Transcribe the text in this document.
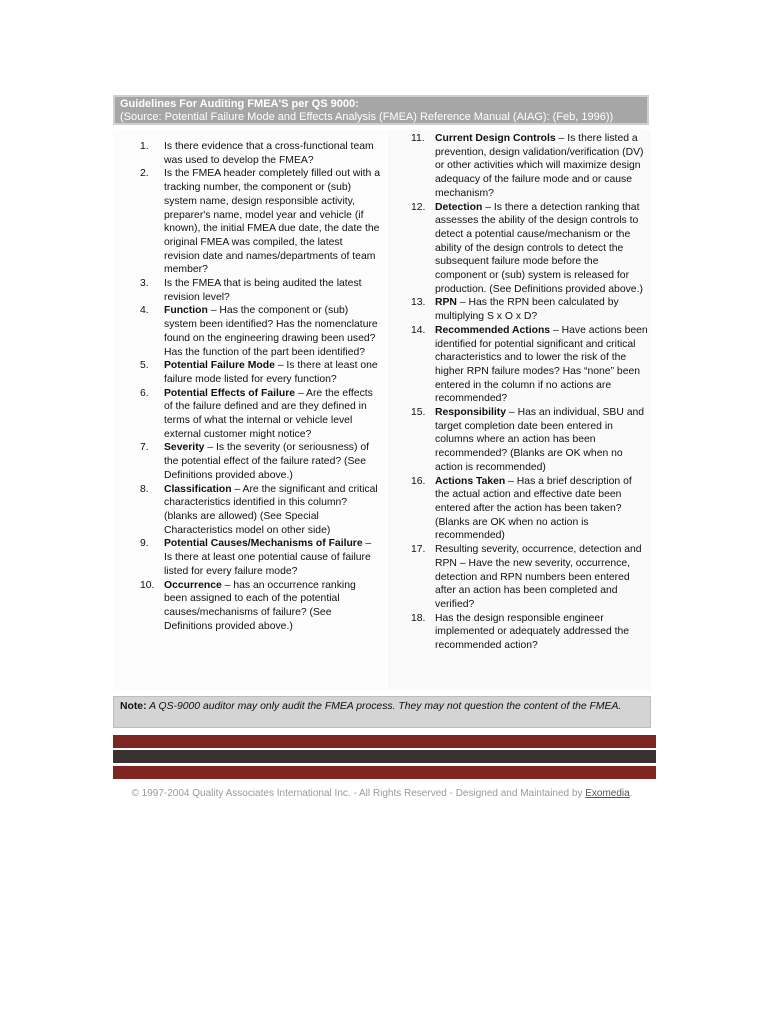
Guidelines For Auditing FMEA'S per QS 9000:
(Source: Potential Failure Mode and Effects Analysis (FMEA) Reference Manual (AIAG): (Feb, 1996))
1. Is there evidence that a cross-functional team was used to develop the FMEA?
2. Is the FMEA header completely filled out with a tracking number, the component or (sub) system name, design responsible activity, preparer's name, model year and vehicle (if known), the initial FMEA due date, the date the original FMEA was compiled, the latest revision date and names/departments of team member?
3. Is the FMEA that is being audited the latest revision level?
4. Function – Has the component or (sub) system been identified? Has the nomenclature found on the engineering drawing been used? Has the function of the part been identified?
5. Potential Failure Mode – Is there at least one failure mode listed for every function?
6. Potential Effects of Failure – Are the effects of the failure defined and are they defined in terms of what the internal or vehicle level external customer might notice?
7. Severity – Is the severity (or seriousness) of the potential effect of the failure rated? (See Definitions provided above.)
8. Classification – Are the significant and critical characteristics identified in this column? (blanks are allowed) (See Special Characteristics model on other side)
9. Potential Causes/Mechanisms of Failure – Is there at least one potential cause of failure listed for every failure mode?
10. Occurrence – has an occurrence ranking been assigned to each of the potential causes/mechanisms of failure? (See Definitions provided above.)
11. Current Design Controls – Is there listed a prevention, design validation/verification (DV) or other activities which will maximize design adequacy of the failure mode and or cause mechanism?
12. Detection – Is there a detection ranking that assesses the ability of the design controls to detect a potential cause/mechanism or the ability of the design controls to detect the subsequent failure mode before the component or (sub) system is released for production. (See Definitions provided above.)
13. RPN – Has the RPN been calculated by multiplying S x O x D?
14. Recommended Actions – Have actions been identified for potential significant and critical characteristics and to lower the risk of the higher RPN failure modes? Has “none” been entered in the column if no actions are recommended?
15. Responsibility – Has an individual, SBU and target completion date been entered in columns where an action has been recommended? (Blanks are OK when no action is recommended)
16. Actions Taken – Has a brief description of the actual action and effective date been entered after the action has been taken? (Blanks are OK when no action is recommended)
17. Resulting severity, occurrence, detection and RPN – Have the new severity, occurrence, detection and RPN numbers been entered after an action has been completed and verified?
18. Has the design responsible engineer implemented or adequately addressed the recommended action?
Note: A QS-9000 auditor may only audit the FMEA process. They may not question the content of the FMEA.
© 1997-2004 Quality Associates International Inc. - All Rights Reserved - Designed and Maintained by Exomedia.
